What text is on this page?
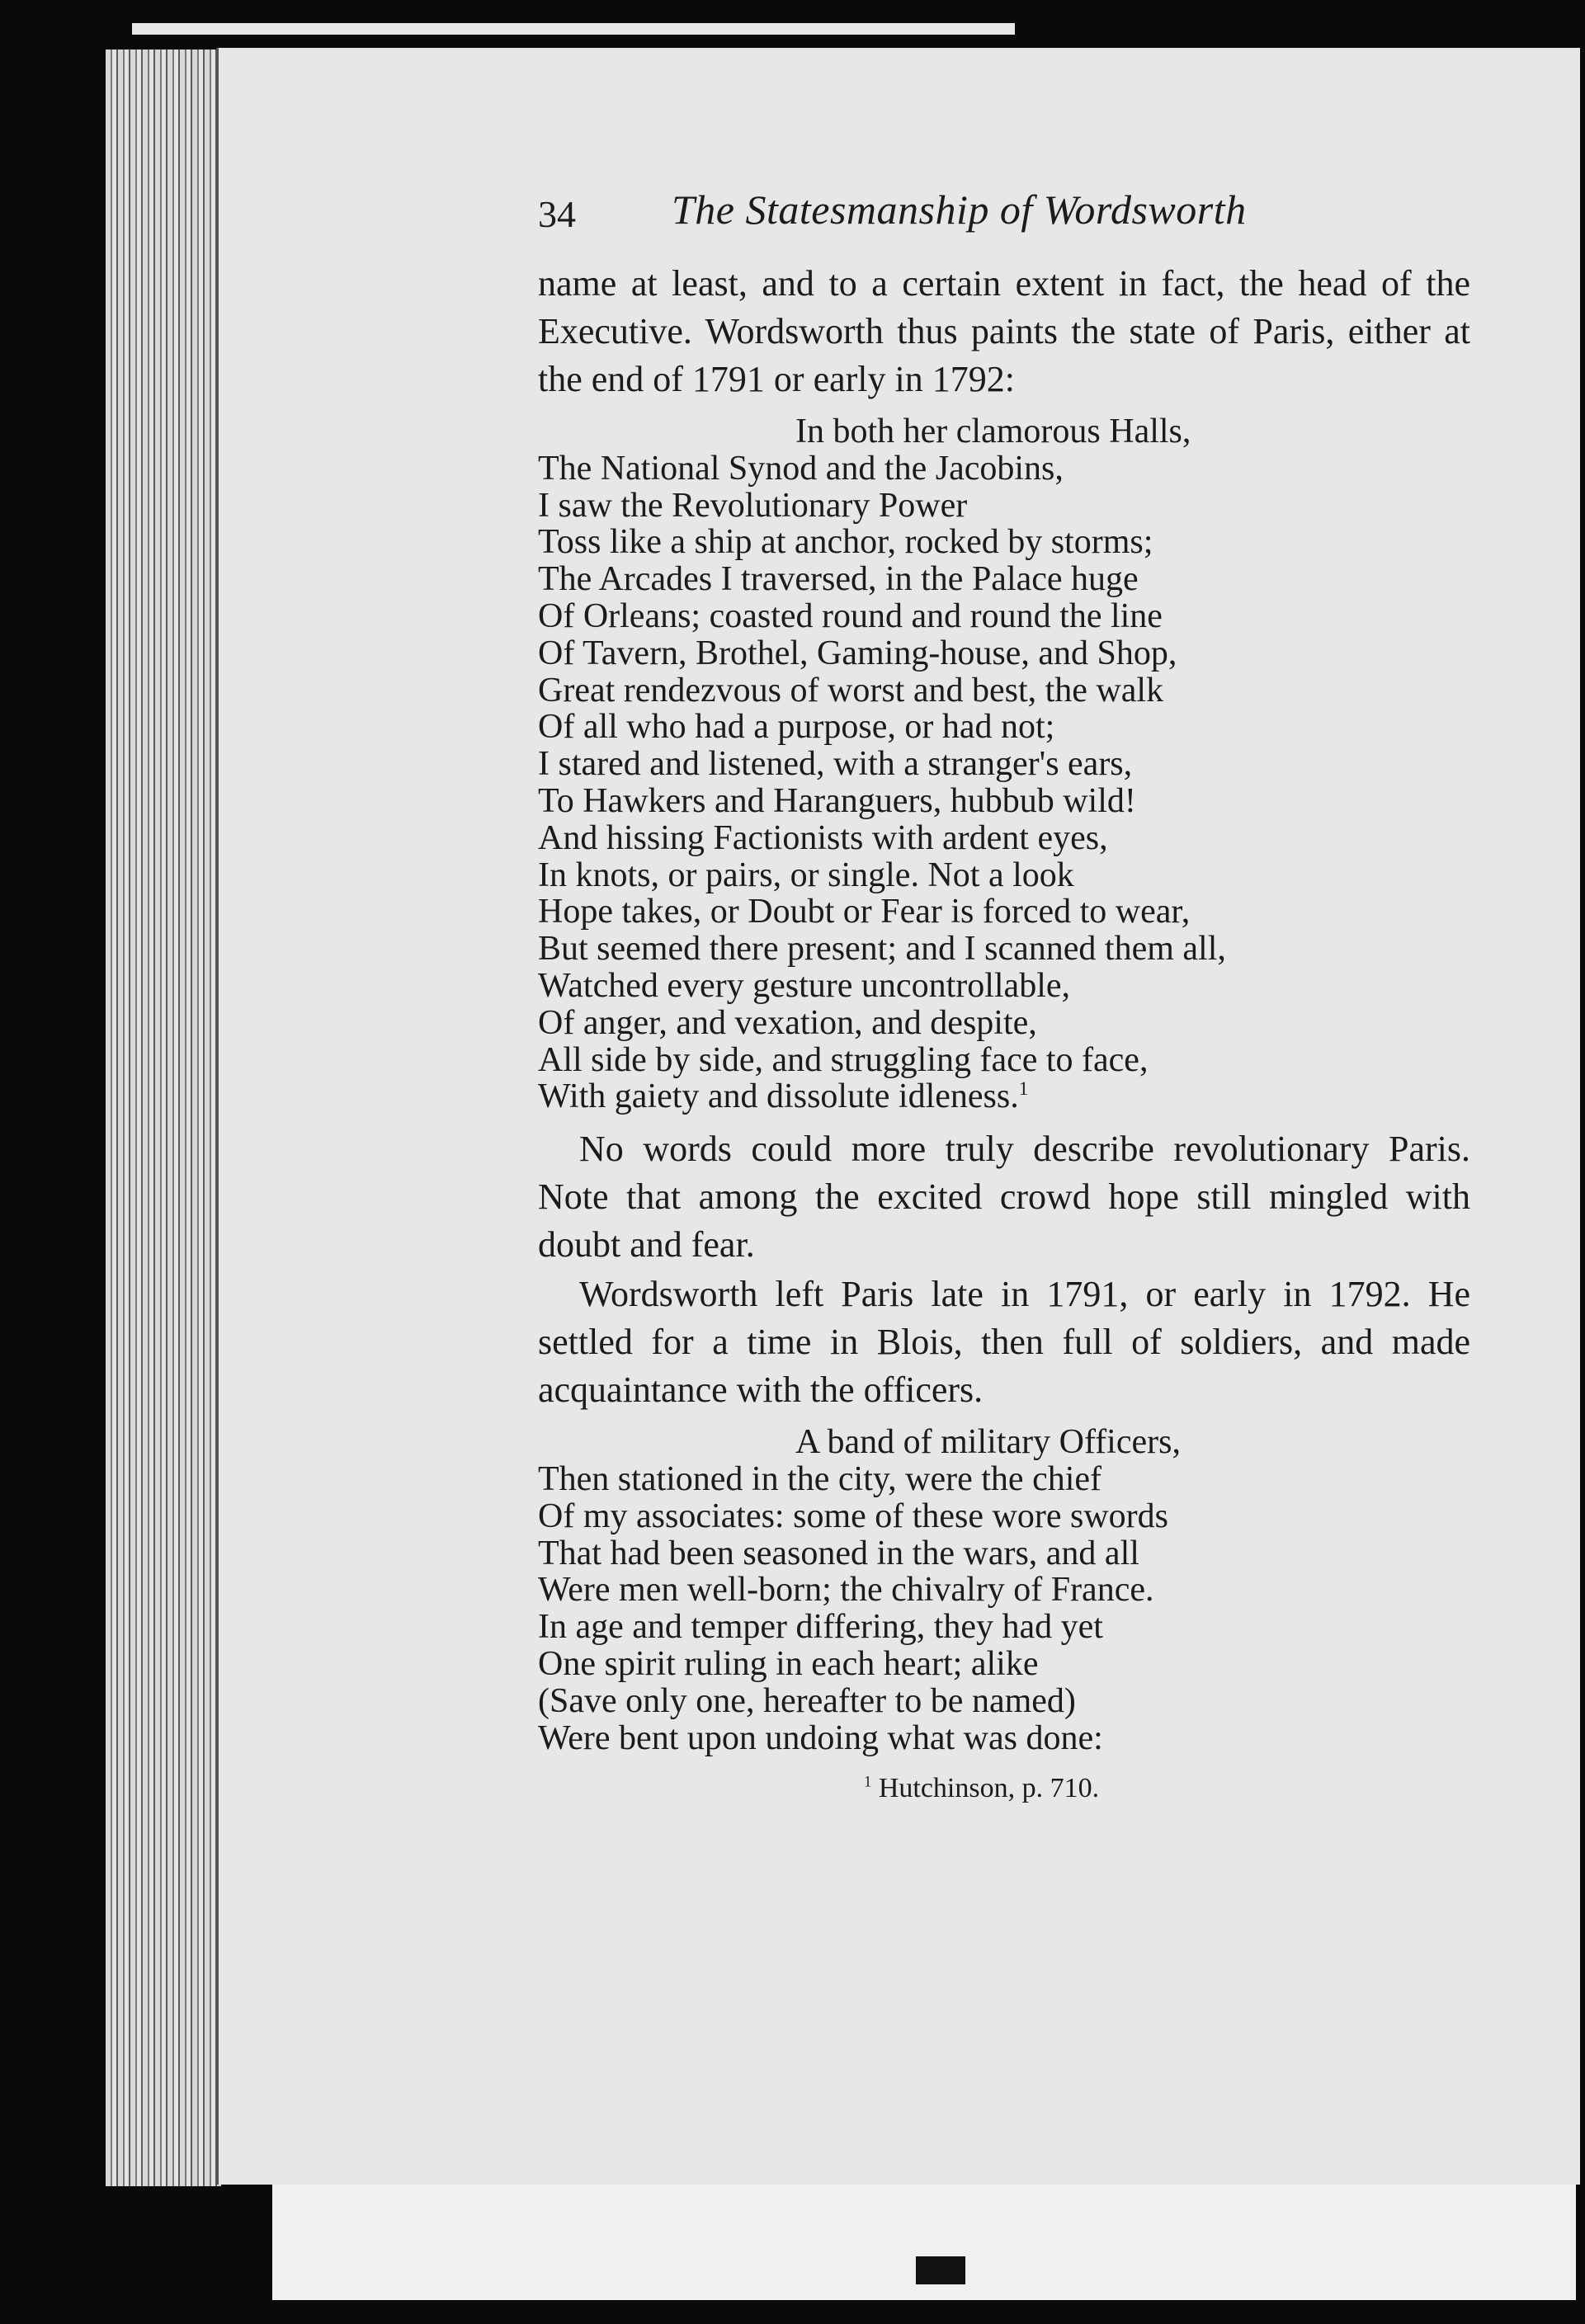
34 The Statesmanship of Wordsworth

name at least, and to a certain extent in fact, the head of the Executive. Wordsworth thus paints the state of Paris, either at the end of 1791 or early in 1792:

In both her clamorous Halls,
The National Synod and the Jacobins,
I saw the Revolutionary Power
Toss like a ship at anchor, rocked by storms;
The Arcades I traversed, in the Palace huge
Of Orleans; coasted round and round the line
Of Tavern, Brothel, Gaming-house, and Shop,
Great rendezvous of worst and best, the walk
Of all who had a purpose, or had not;
I stared and listened, with a stranger's ears,
To Hawkers and Haranguers, hubbub wild!
And hissing Factionists with ardent eyes,
In knots, or pairs, or single. Not a look
Hope takes, or Doubt or Fear is forced to wear,
But seemed there present; and I scanned them all,
Watched every gesture uncontrollable,
Of anger, and vexation, and despite,
All side by side, and struggling face to face,
With gaiety and dissolute idleness.$^1$

No words could more truly describe revolutionary Paris. Note that among the excited crowd hope still mingled with doubt and fear.

Wordsworth left Paris late in 1791, or early in 1792. He settled for a time in Blois, then full of soldiers, and made acquaintance with the officers.

A band of military Officers,
Then stationed in the city, were the chief
Of my associates: some of these wore swords
That had been seasoned in the wars, and all
Were men well-born; the chivalry of France.
In age and temper differing, they had yet
One spirit ruling in each heart; alike
(Save only one, hereafter to be named)
Were bent upon undoing what was done:
$^1$ Hutchinson, p. 710.
